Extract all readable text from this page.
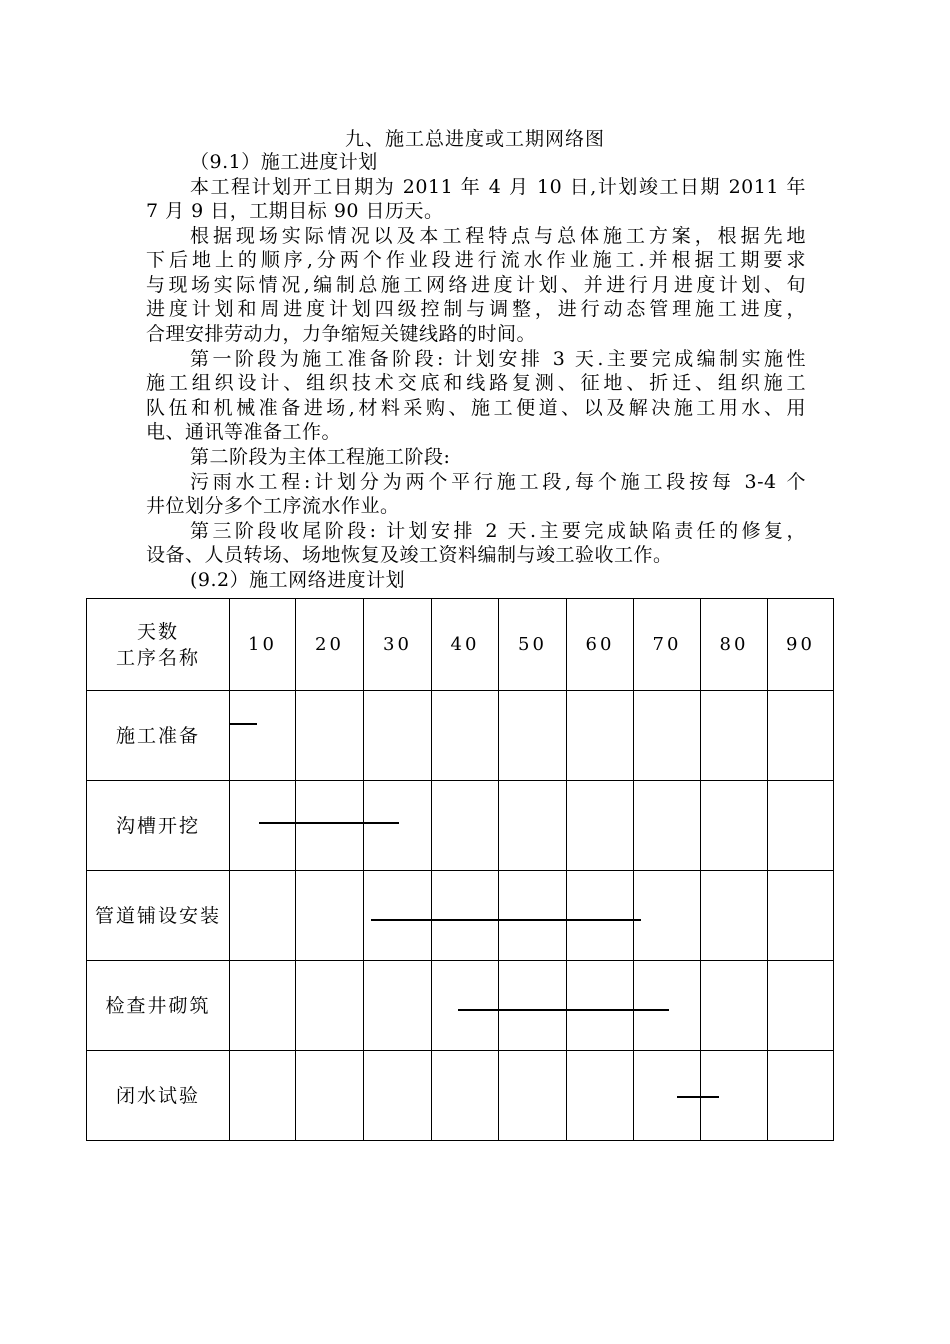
九、施工总进度或工期网络图
（9.1）施工进度计划
本工程计划开工日期为 2011 年 4 月 10 日,计划竣工日期 2011 年
7 月 9 日，工期目标 90 日历天。
根据现场实际情况以及本工程特点与总体施工方案，根据先地
下后地上的顺序,分两个作业段进行流水作业施工.并根据工期要求
与现场实际情况,编制总施工网络进度计划、并进行月进度计划、旬
进度计划和周进度计划四级控制与调整，进行动态管理施工进度，
合理安排劳动力，力争缩短关键线路的时间。
第一阶段为施工准备阶段: 计划安排 3 天.主要完成编制实施性
施工组织设计、组织技术交底和线路复测、征地、折迁、组织施工
队伍和机械准备进场,材料采购、施工便道、以及解决施工用水、用
电、通讯等准备工作。
第二阶段为主体工程施工阶段:
污雨水工程:计划分为两个平行施工段,每个施工段按每 3-4 个
井位划分多个工序流水作业。
第三阶段收尾阶段: 计划安排 2 天.主要完成缺陷责任的修复，
设备、人员转场、场地恢复及竣工资料编制与竣工验收工作。
(9.2）施工网络进度计划
天数
工序名称	10	20	30	40	50	60	70	80	90
施工准备									
沟槽开挖									
管道铺设安装									
检查井砌筑									
闭水试验									
